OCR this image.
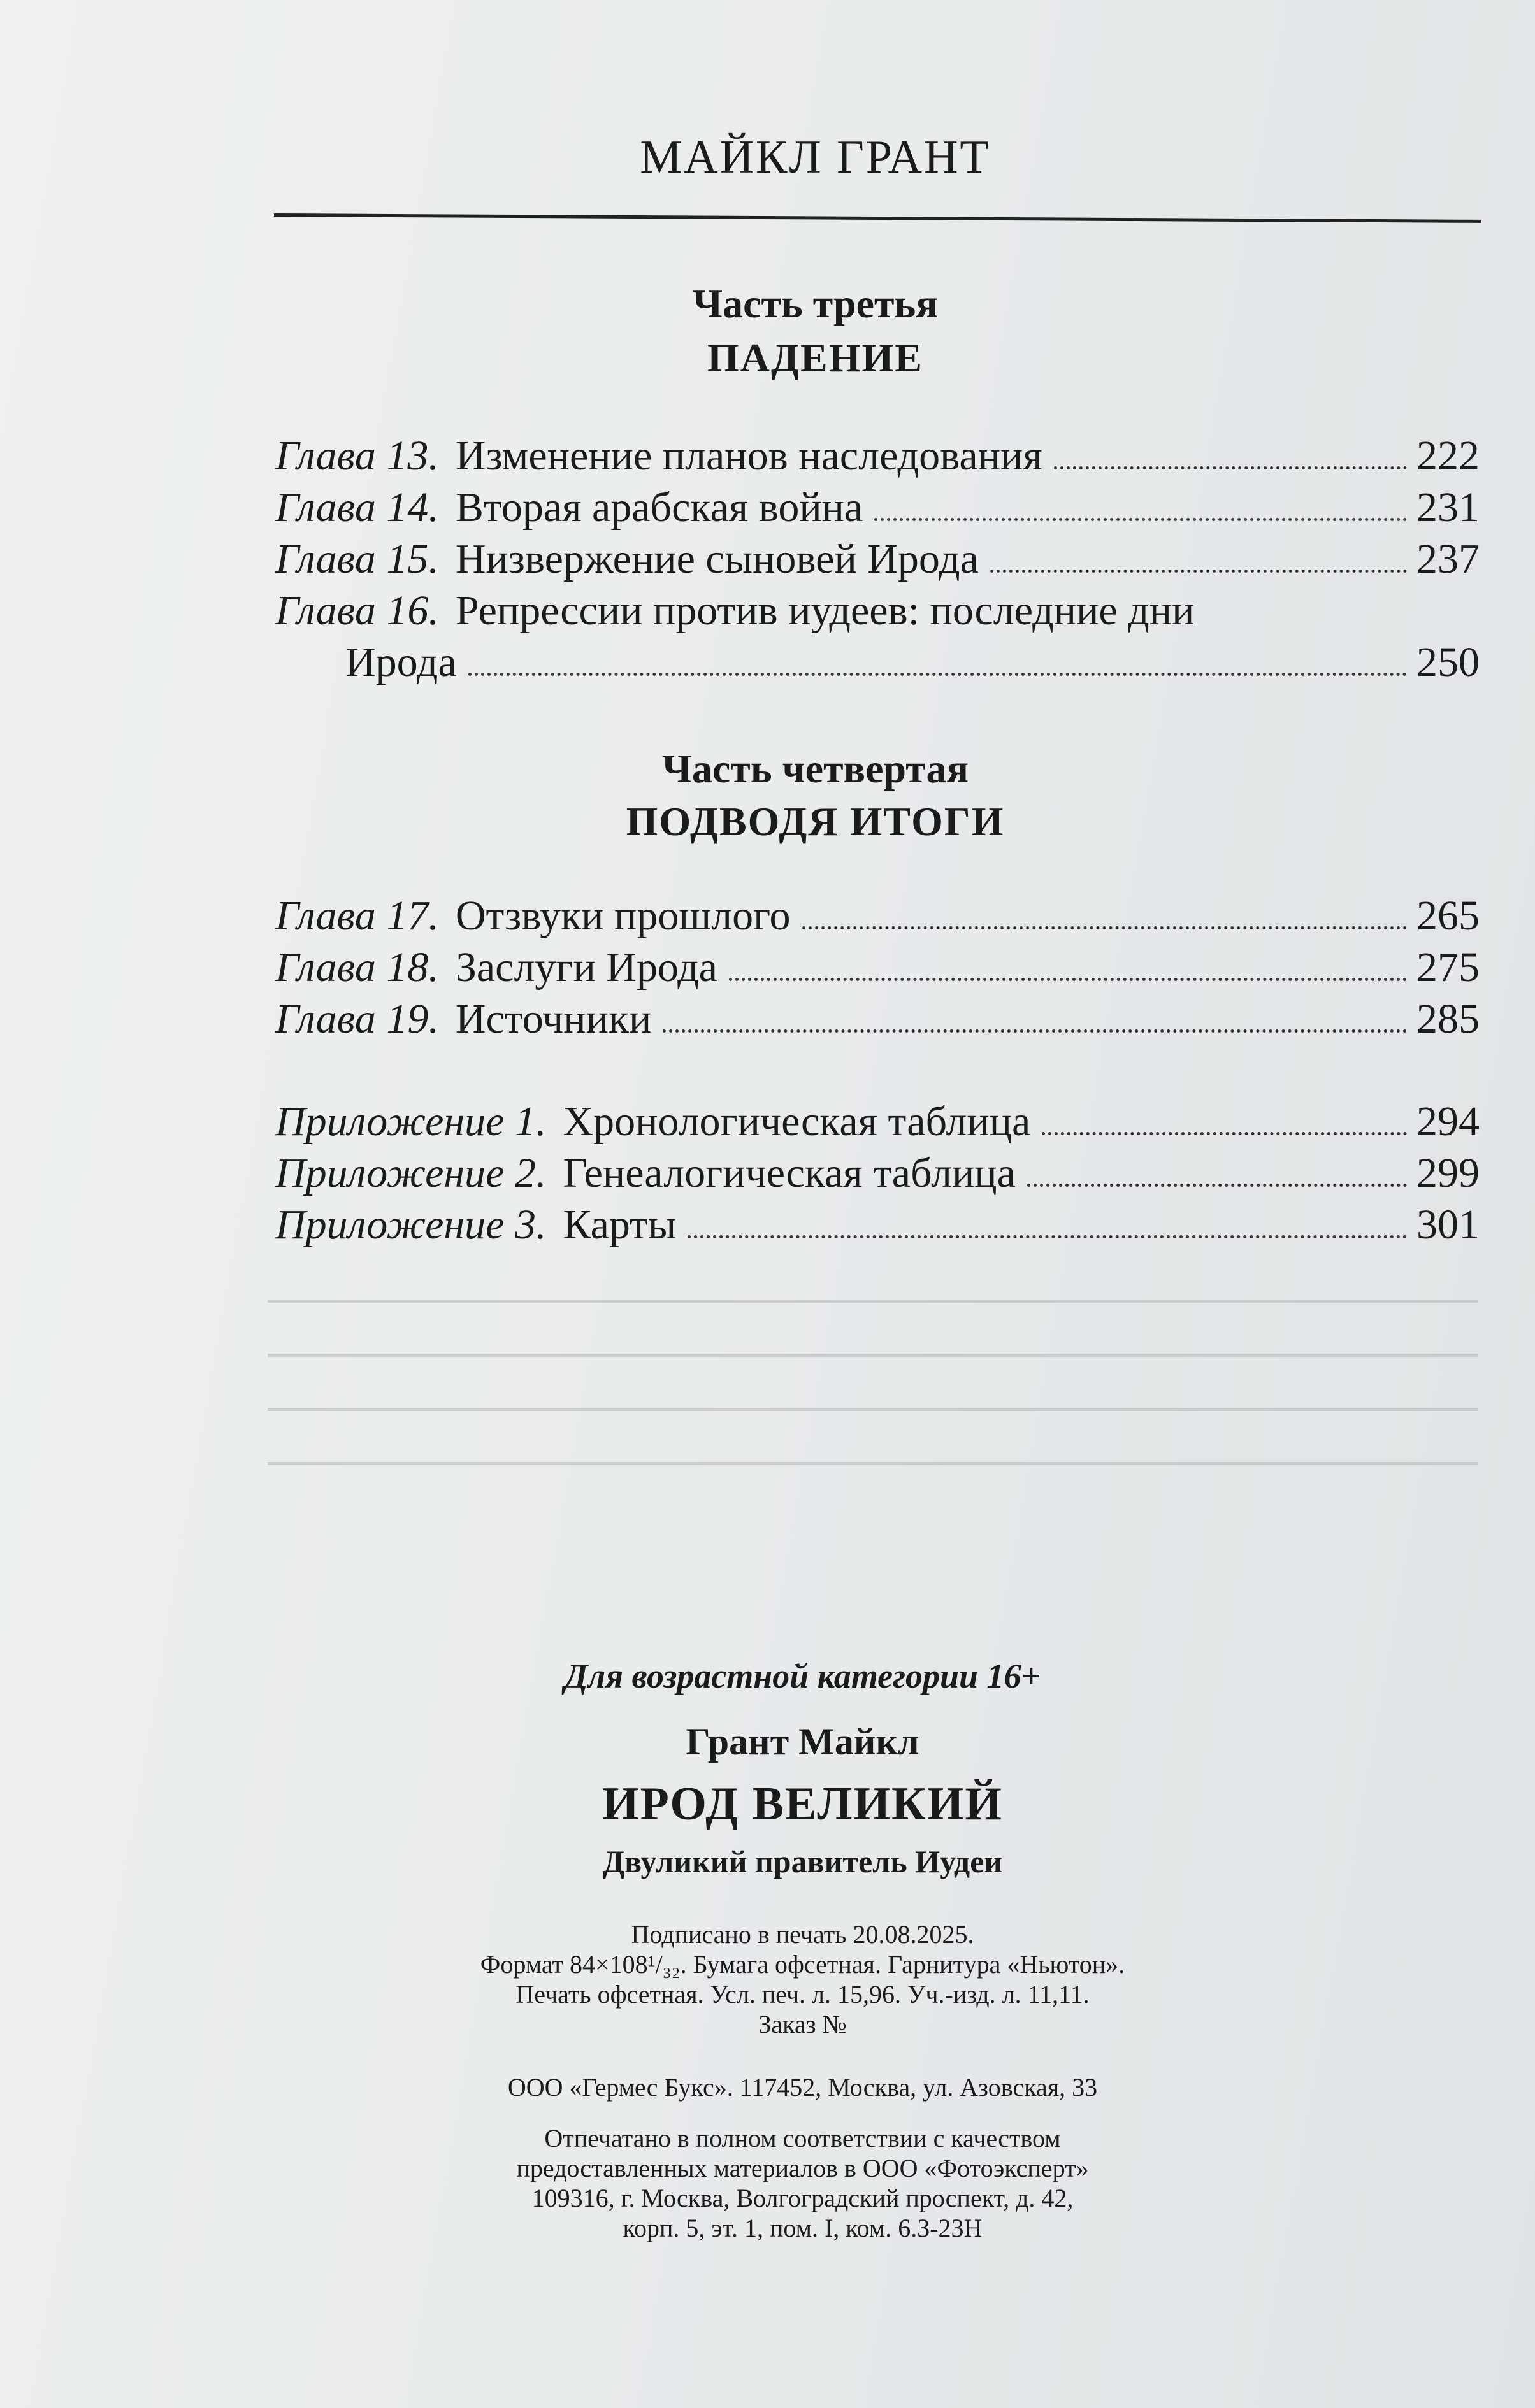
МАЙКЛ ГРАНТ
Часть третья
ПАДЕНИЕ
Глава 13. Изменение планов наследования	222
Глава 14. Вторая арабская война	231
Глава 15. Низвержение сыновей Ирода	237
Глава 16. Репрессии против иудеев: последние дни
Ирода	250
Часть четвертая
ПОДВОДЯ ИТОГИ
Глава 17. Отзвуки прошлого	265
Глава 18. Заслуги Ирода	275
Глава 19. Источники	285
Приложение 1. Хронологическая таблица	294
Приложение 2. Генеалогическая таблица	299
Приложение 3. Карты	301
Для возрастной категории 16+
Грант Майкл
ИРОД ВЕЛИКИЙ
Двуликий правитель Иудеи
Подписано в печать 20.08.2025.
Формат 84×108¹/₃₂. Бумага офсетная. Гарнитура «Ньютон».
Печать офсетная. Усл. печ. л. 15,96. Уч.-изд. л. 11,11.
Заказ №
ООО «Гермес Букс». 117452, Москва, ул. Азовская, 33
Отпечатано в полном соответствии с качеством
предоставленных материалов в ООО «Фотоэксперт»
109316, г. Москва, Волгоградский проспект, д. 42,
корп. 5, эт. 1, пом. I, ком. 6.3-23Н
